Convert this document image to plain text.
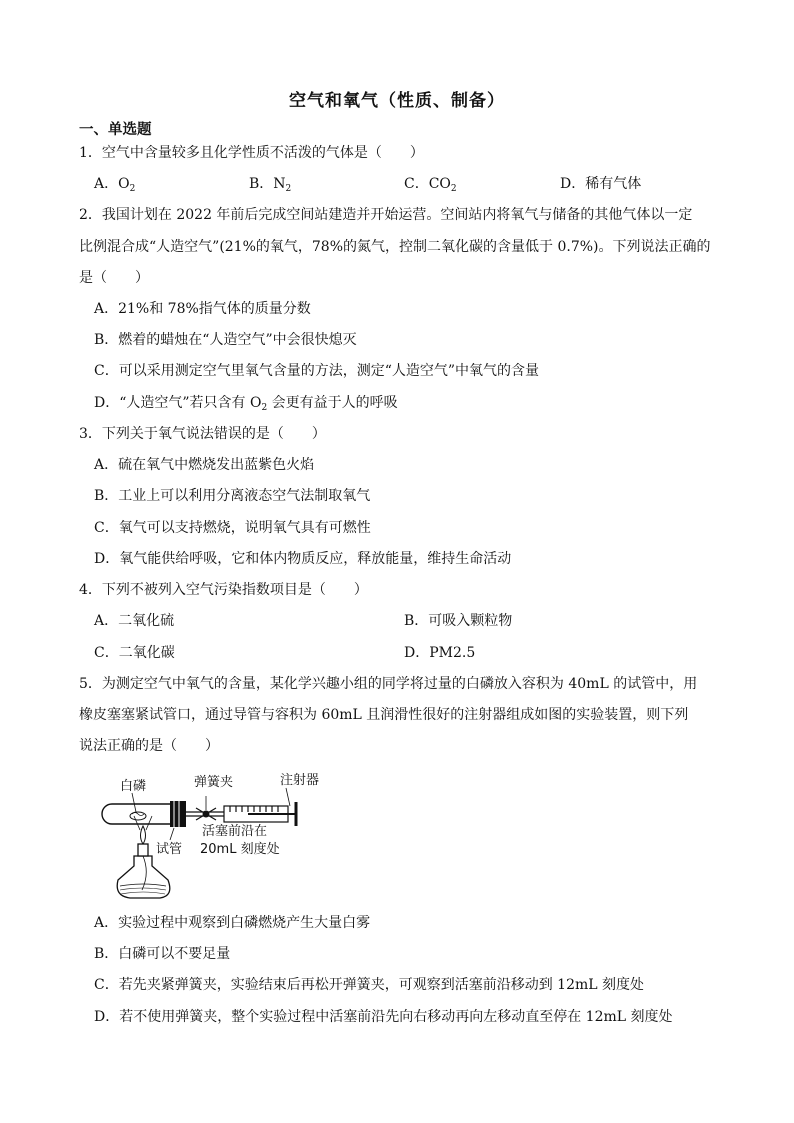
空气和氧气（性质、制备）
一、单选题
1．空气中含量较多且化学性质不活泼的气体是（　　）
A．$O_2$	B．$N_2$	C．$CO_2$	D．稀有气体
2．我国计划在 2022 年前后完成空间站建造并开始运营。空间站内将氧气与储备的其他气体以一定
比例混合成“人造空气”(21%的氧气，78%的氮气，控制二氧化碳的含量低于 0.7%)。下列说法正确的
是（　　）
A．21%和 78%指气体的质量分数
B．燃着的蜡烛在“人造空气”中会很快熄灭
C．可以采用测定空气里氧气含量的方法，测定“人造空气”中氧气的含量
D．“人造空气”若只含有 $O_2$ 会更有益于人的呼吸
3．下列关于氧气说法错误的是（　　）
A．硫在氧气中燃烧发出蓝紫色火焰
B．工业上可以利用分离液态空气法制取氧气
C．氧气可以支持燃烧，说明氧气具有可燃性
D．氧气能供给呼吸，它和体内物质反应，释放能量，维持生命活动
4．下列不被列入空气污染指数项目是（　　）
A．二氧化硫	B．可吸入颗粒物
C．二氧化碳	D．PM2.5
5．为测定空气中氧气的含量，某化学兴趣小组的同学将过量的白磷放入容积为 40mL 的试管中，用
橡皮塞塞紧试管口，通过导管与容积为 60mL 且润滑性很好的注射器组成如图的实验装置，则下列
说法正确的是（　　）
白磷	弹簧夹	注射器
试管
活塞前沿在
20mL 刻度处
A．实验过程中观察到白磷燃烧产生大量白雾
B．白磷可以不要足量
C．若先夹紧弹簧夹，实验结束后再松开弹簧夹，可观察到活塞前沿移动到 12mL 刻度处
D．若不使用弹簧夹，整个实验过程中活塞前沿先向右移动再向左移动直至停在 12mL 刻度处
